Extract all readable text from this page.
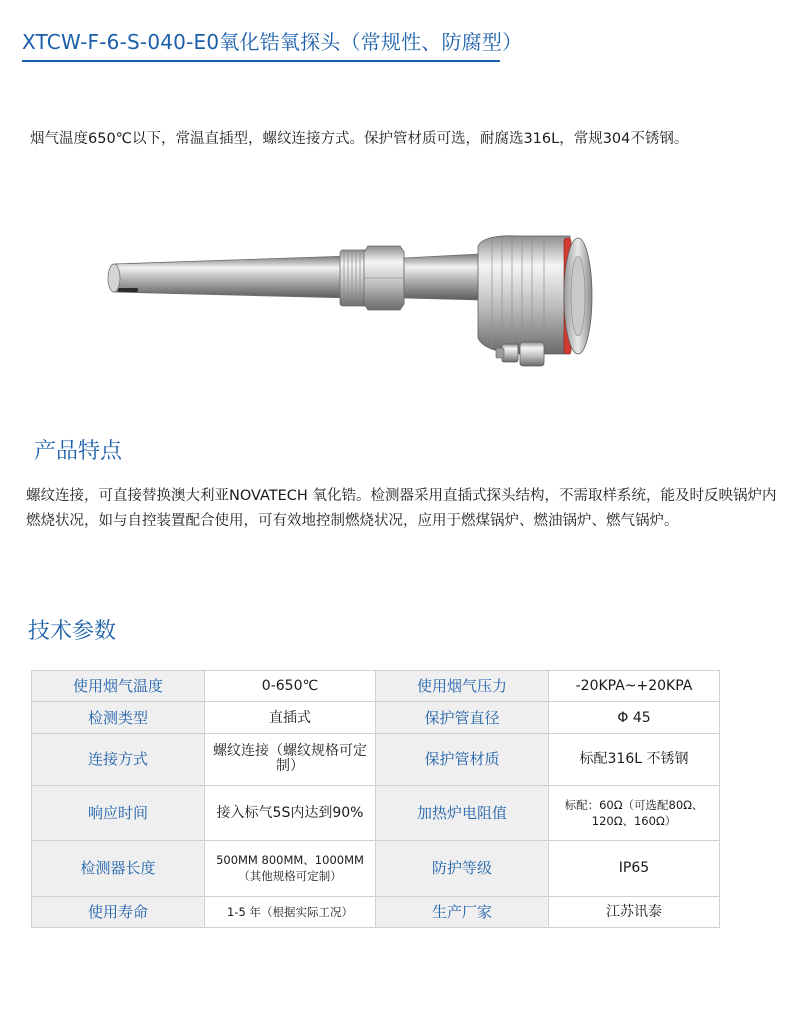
XTCW-F-6-S-040-E0氧化锆氧探头（常规性、防腐型）

烟气温度650℃以下，常温直插型，螺纹连接方式。保护管材质可选，耐腐选316L，常规304不锈钢。

产品特点

螺纹连接，可直接替换澳大利亚NOVATECH 氧化锆。检测器采用直插式探头结构，不需取样系统，能及时反映锅炉内燃烧状况，如与自控装置配合使用，可有效地控制燃烧状况，应用于燃煤锅炉、燃油锅炉、燃气锅炉。

技术参数
使用烟气温度	0-650℃	使用烟气压力	-20KPA~+20KPA
检测类型	直插式	保护管直径	Φ 45
连接方式	螺纹连接（螺纹规格可定制）	保护管材质	标配316L 不锈钢
响应时间	接入标气5S内达到90%	加热炉电阻值	标配：60Ω（可选配80Ω、120Ω、160Ω）
检测器长度	500MM 800MM、1000MM（其他规格可定制）	防护等级	IP65
使用寿命	1-5 年（根据实际工况）	生产厂家	江苏讯泰
